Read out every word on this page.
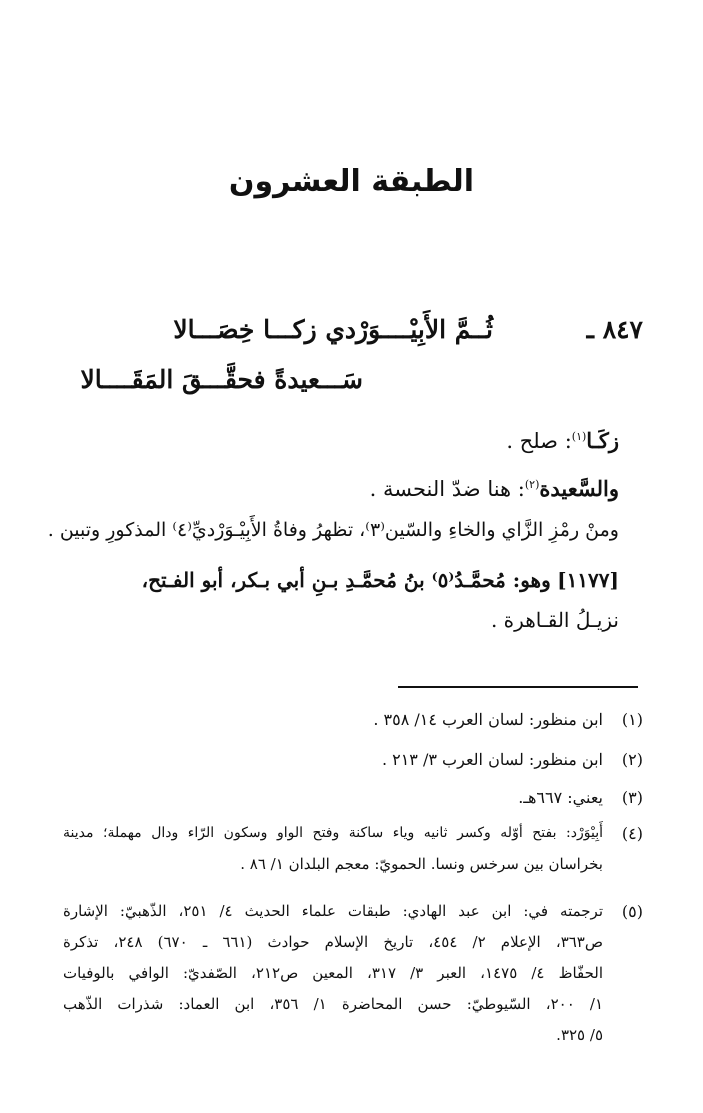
الطبقة العشرون
٨٤٧ ـ
ثُــمَّ الأَبِيْــــوَرْدي زكـــا خِصَـــالا
سَـــعيدةً فحقَّـــقَ المَقَــــالا
زكَـا$^{(١)}$: صلح .
والسَّعيدة$^{(٢)}$: هنا ضدّ النحسة .
ومنْ رمْزِ الزَّاي والخاءِ والسّين⁽٣⁾، تظهرُ وفاةُ الأَبِيْـوَرْديِّ⁽٤⁾ المذكورِ وتبين .
[١١٧٧] وهو: مُحمَّـدُ⁽٥⁾ بنُ مُحمَّـدِ بـنِ أبي بـكر، أبو الفـتح،
نزيـلُ القـاهرة .
(١)
ابن منظور: لسان العرب ١٤/ ٣٥٨ .
(٢)
ابن منظور: لسان العرب ٣/ ٢١٣ .
(٣)
يعني: ٦٦٧هـ.
(٤)
أَبِيْوَرْد: بفتح أوّله وكسر ثانيه وياء ساكنة وفتح الواو وسكون الرّاء ودال مهملة؛ مدينة
بخراسان بين سرخس ونسا. الحمويّ: معجم البلدان ١/ ٨٦ .
(٥)
ترجمته في: ابن عبد الهادي: طبقات علماء الحديث ٤/ ٢٥١، الذّهبيّ: الإشارة
ص٣٦٣، الإعلام ٢/ ٤٥٤، تاريخ الإسلام حوادث (٦٦١ ـ ٦٧٠) ٢٤٨، تذكرة
الحفّاظ ٤/ ١٤٧٥، العبر ٣/ ٣١٧، المعين ص٢١٢، الصّفديّ: الوافي بالوفيات
١/ ٢٠٠، السّيوطيّ: حسن المحاضرة ١/ ٣٥٦، ابن العماد: شذرات الذّهب
٥/ ٣٢٥.
